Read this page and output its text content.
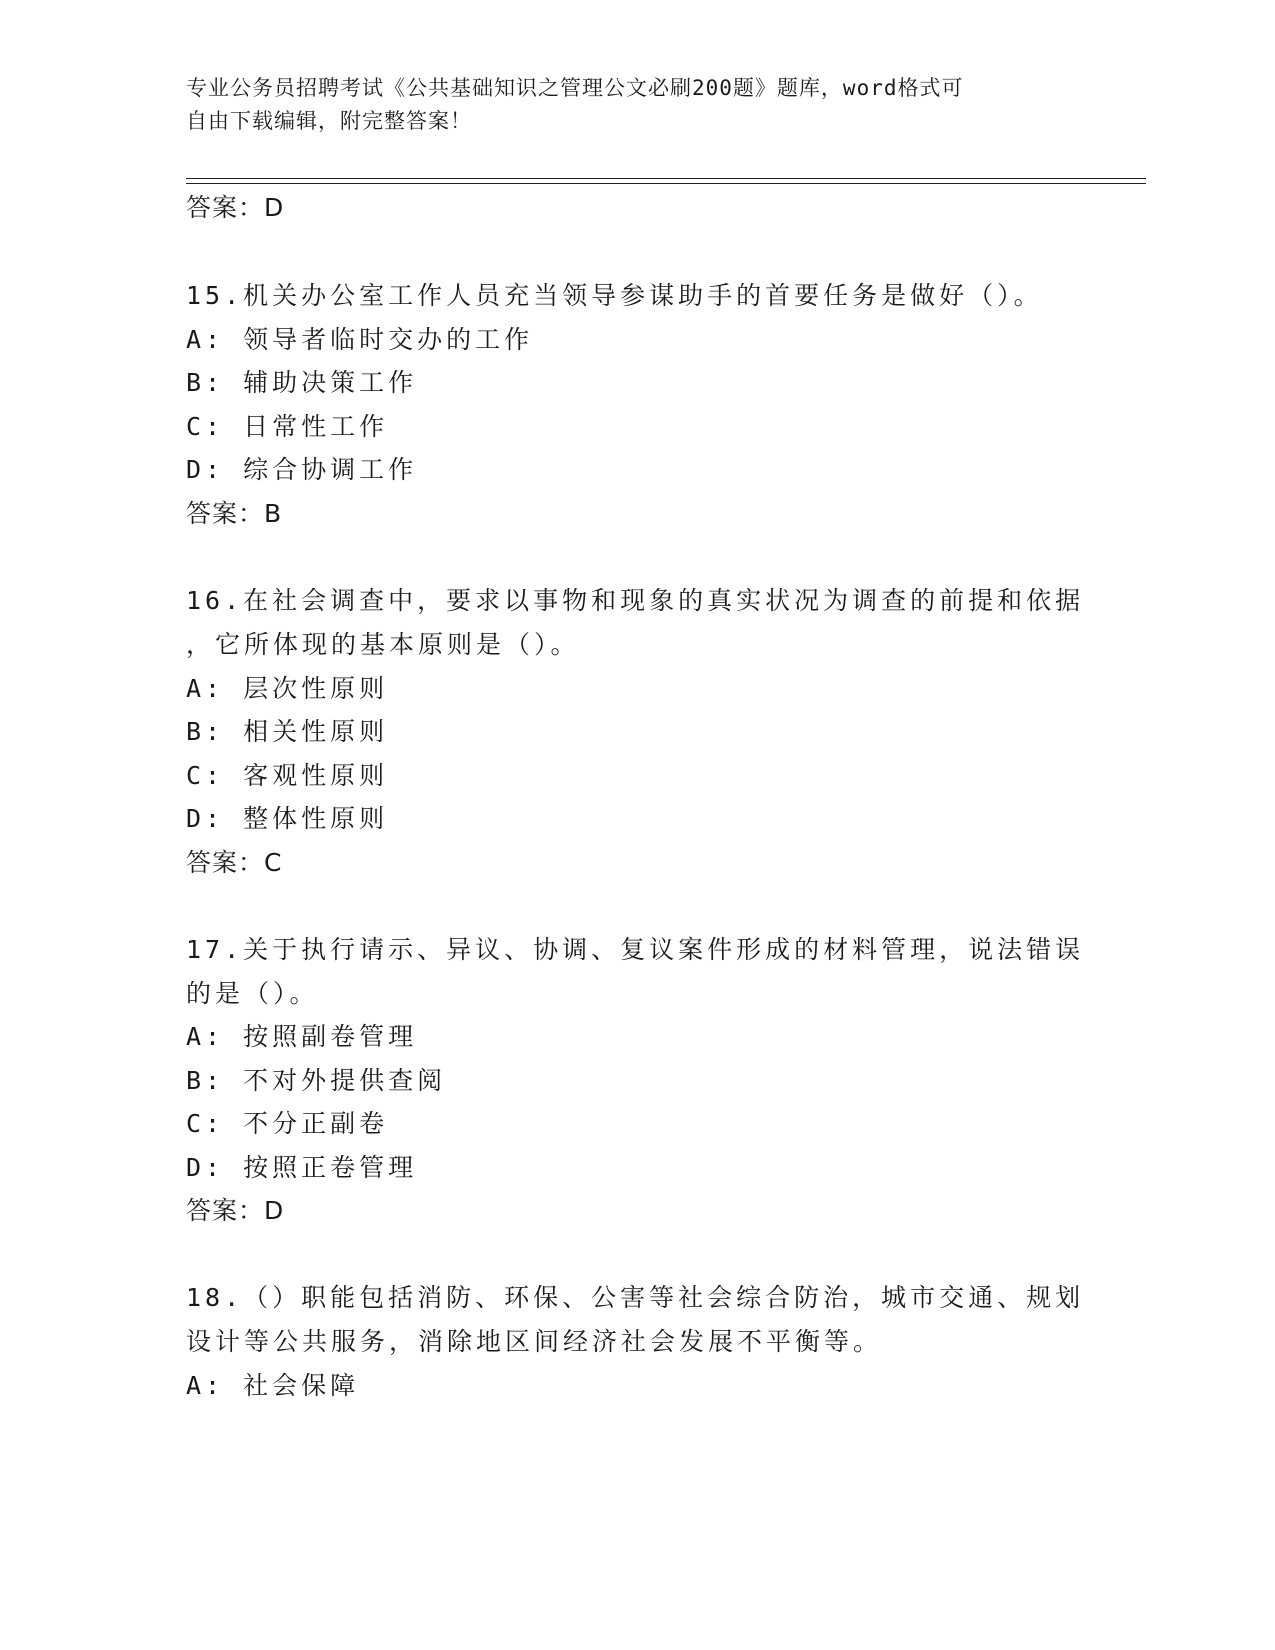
专业公务员招聘考试《公共基础知识之管理公文必刷200题》题库，word格式可
自由下载编辑，附完整答案！
答案：D
15.机关办公室工作人员充当领导参谋助手的首要任务是做好（）。
A: 领导者临时交办的工作
B: 辅助决策工作
C: 日常性工作
D: 综合协调工作
答案：B
16.在社会调查中，要求以事物和现象的真实状况为调查的前提和依据
，它所体现的基本原则是（）。
A: 层次性原则
B: 相关性原则
C: 客观性原则
D: 整体性原则
答案：C
17.关于执行请示、异议、协调、复议案件形成的材料管理，说法错误
的是（）。
A: 按照副卷管理
B: 不对外提供查阅
C: 不分正副卷
D: 按照正卷管理
答案：D
18.（）职能包括消防、环保、公害等社会综合防治，城市交通、规划
设计等公共服务，消除地区间经济社会发展不平衡等。
A: 社会保障
